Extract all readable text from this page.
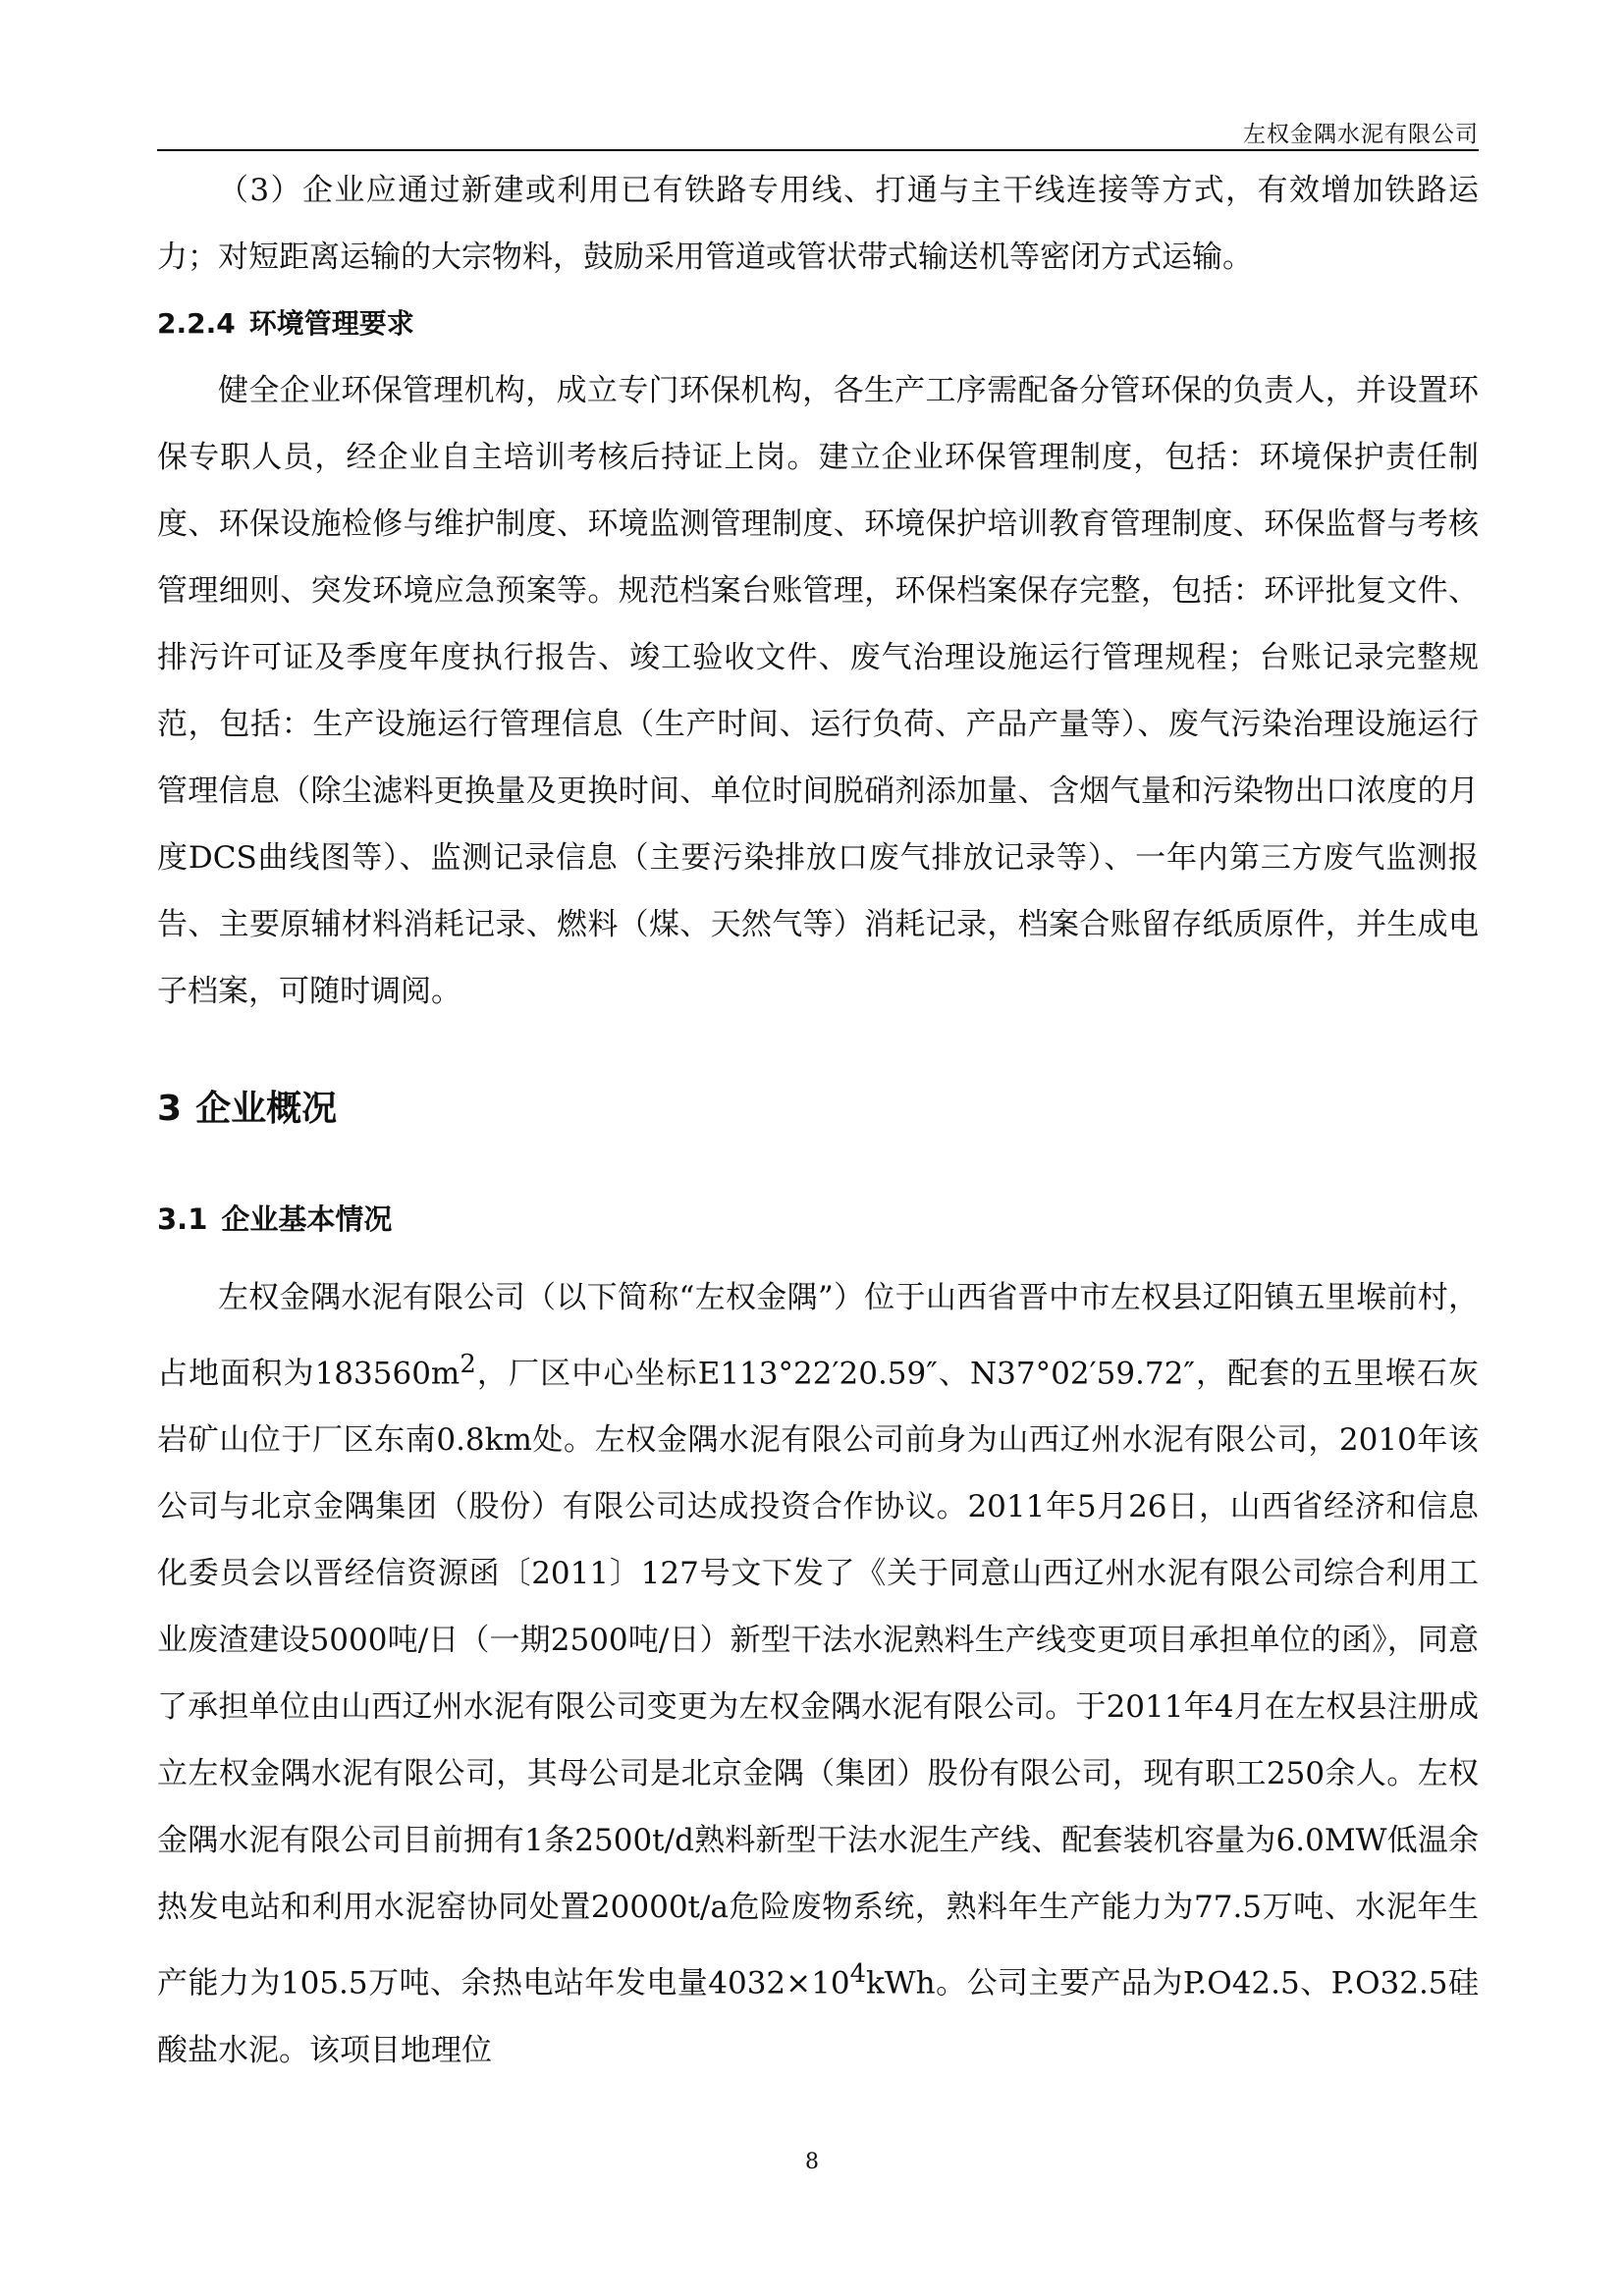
左权金隅水泥有限公司

（3）企业应通过新建或利用已有铁路专用线、打通与主干线连接等方式，有效增加铁路运力；对短距离运输的大宗物料，鼓励采用管道或管状带式输送机等密闭方式运输。

2.2.4 环境管理要求

健全企业环保管理机构，成立专门环保机构，各生产工序需配备分管环保的负责人，并设置环保专职人员，经企业自主培训考核后持证上岗。建立企业环保管理制度，包括：环境保护责任制度、环保设施检修与维护制度、环境监测管理制度、环境保护培训教育管理制度、环保监督与考核管理细则、突发环境应急预案等。规范档案台账管理，环保档案保存完整，包括：环评批复文件、排污许可证及季度年度执行报告、竣工验收文件、废气治理设施运行管理规程；台账记录完整规范，包括：生产设施运行管理信息（生产时间、运行负荷、产品产量等）、废气污染治理设施运行管理信息（除尘滤料更换量及更换时间、单位时间脱硝剂添加量、含烟气量和污染物出口浓度的月度DCS曲线图等）、监测记录信息（主要污染排放口废气排放记录等）、一年内第三方废气监测报告、主要原辅材料消耗记录、燃料（煤、天然气等）消耗记录，档案合账留存纸质原件，并生成电子档案，可随时调阅。

3 企业概况
3.1 企业基本情况

左权金隅水泥有限公司（以下简称“左权金隅”）位于山西省晋中市左权县辽阳镇五里堠前村，占地面积为$183560m^2$，厂区中心坐标E113°22′20.59″、N37°02′59.72″，配套的五里堠石灰岩矿山位于厂区东南0.8km处。左权金隅水泥有限公司前身为山西辽州水泥有限公司，2010年该公司与北京金隅集团（股份）有限公司达成投资合作协议。2011年5月26日，山西省经济和信息化委员会以晋经信资源函〔2011〕127号文下发了《关于同意山西辽州水泥有限公司综合利用工业废渣建设5000吨/日（一期2500吨/日）新型干法水泥熟料生产线变更项目承担单位的函》，同意了承担单位由山西辽州水泥有限公司变更为左权金隅水泥有限公司。于2011年4月在左权县注册成立左权金隅水泥有限公司，其母公司是北京金隅（集团）股份有限公司，现有职工250余人。左权金隅水泥有限公司目前拥有1条2500t/d熟料新型干法水泥生产线、配套装机容量为6.0MW低温余热发电站和利用水泥窑协同处置20000t/a危险废物系统，熟料年生产能力为77.5万吨、水泥年生产能力为105.5万吨、余热电站年发电量$4032\times 10^4kWh$。公司主要产品为P.O42.5、P.O32.5硅酸盐水泥。该项目地理位

8
